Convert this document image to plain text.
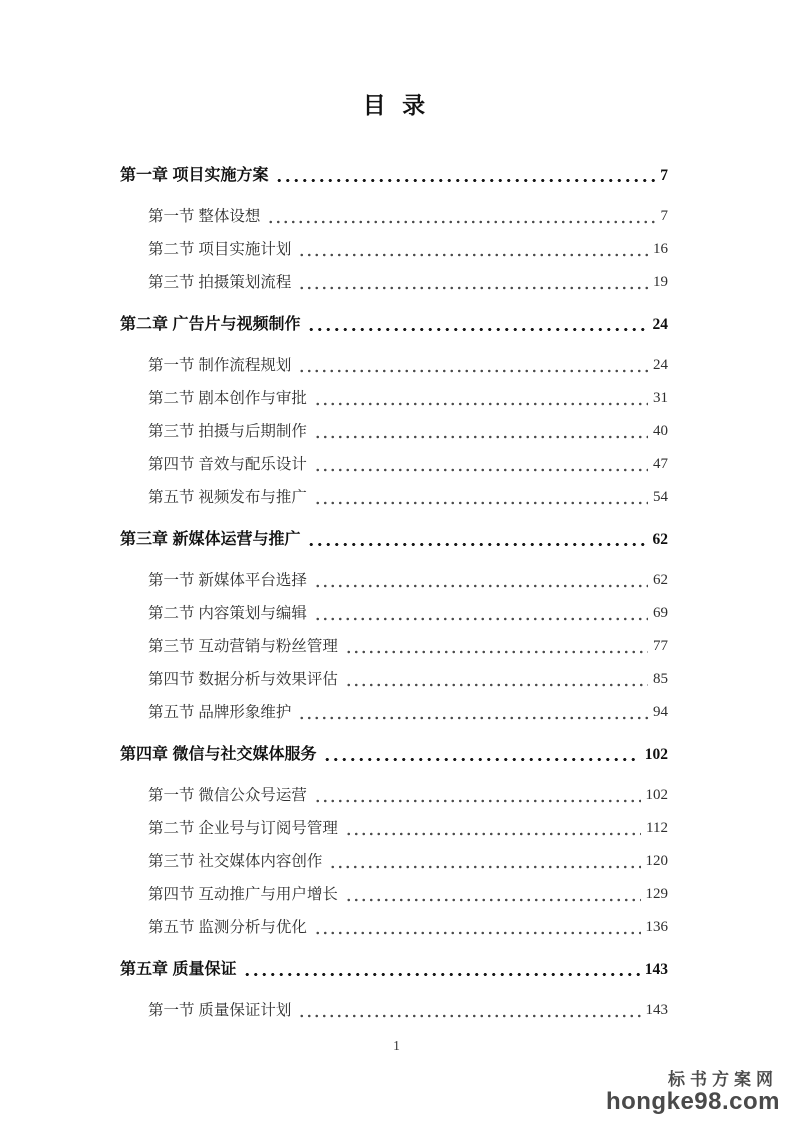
目 录
第一章 项目实施方案	7
第一节 整体设想	7
第二节 项目实施计划	16
第三节 拍摄策划流程	19
第二章 广告片与视频制作	24
第一节 制作流程规划	24
第二节 剧本创作与审批	31
第三节 拍摄与后期制作	40
第四节 音效与配乐设计	47
第五节 视频发布与推广	54
第三章 新媒体运营与推广	62
第一节 新媒体平台选择	62
第二节 内容策划与编辑	69
第三节 互动营销与粉丝管理	77
第四节 数据分析与效果评估	85
第五节 品牌形象维护	94
第四章 微信与社交媒体服务	102
第一节 微信公众号运营	102
第二节 企业号与订阅号管理	112
第三节 社交媒体内容创作	120
第四节 互动推广与用户增长	129
第五节 监测分析与优化	136
第五章 质量保证	143
第一节 质量保证计划	143
1
标书方案网
hongke98.com
